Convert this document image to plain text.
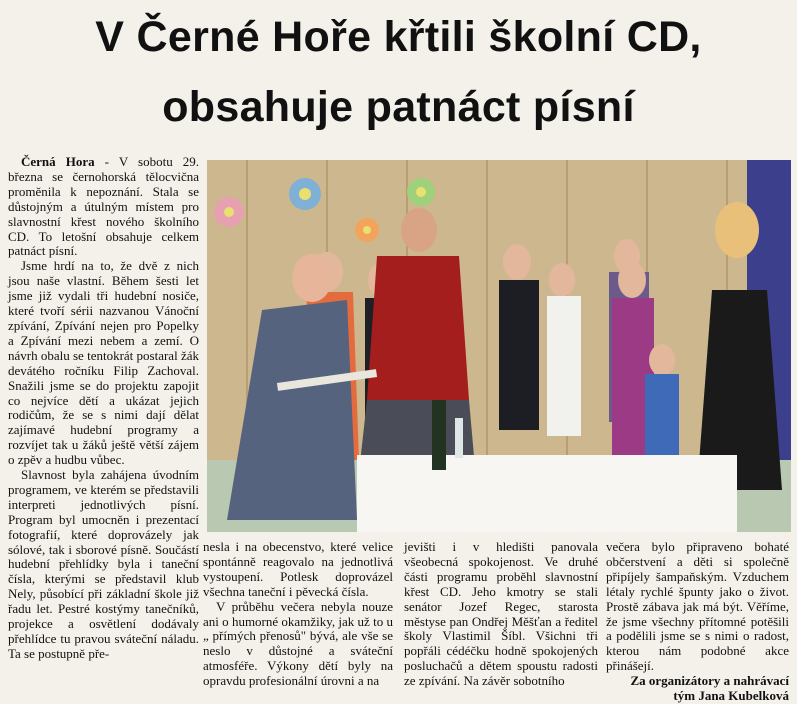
V Černé Hoře křtili školní CD,
obsahuje patnáct písní

Černá Hora - V sobotu 29. března se černohorská tělocvična proměnila k nepoznání. Stala se důstojným a útulným místem pro slavnostní křest nového školního CD. To letošní obsahuje celkem patnáct písní.

Jsme hrdí na to, že dvě z nich jsou naše vlastní. Během šesti let jsme již vydali tři hudební nosiče, které tvoří sérii nazvanou Vánoční zpívání, Zpívání nejen pro Popelky a Zpívání mezi nebem a zemí. O návrh obalu se tentokrát postaral žák devátého ročníku Filip Zachoval. Snažili jsme se do projektu zapojit co nejvíce dětí a ukázat jejich rodičům, že se s nimi dají dělat zajímavé hudební programy a rozvíjet tak u žáků ještě větší zájem o zpěv a hudbu vůbec.

Slavnost byla zahájena úvodním programem, ve kterém se představili interpreti jednotlivých písní. Program byl umocněn i prezentací fotografií, které doprovázely jak sólové, tak i sborové písně. Součástí hudební přehlídky byla i taneční čísla, kterými se představil klub Nely, působící při základní škole již řadu let. Pestré kostýmy tanečníků, projekce a osvětlení dodávaly přehlídce tu pravou sváteční náladu. Ta se postupně pře-

nesla i na obecenstvo, které velice spontánně reagovalo na jednotlivá vystoupení. Potlesk doprovázel všechna taneční i pěvecká čísla.

V průběhu večera nebyla nouze ani o humorné okamžiky, jak už to u „ přímých přenosů" bývá, ale vše se neslo v důstojné a sváteční atmosféře. Výkony dětí byly na opravdu profesionální úrovni a na

jevišti i v hledišti panovala všeobecná spokojenost. Ve druhé části programu proběhl slavnostní křest CD. Jeho kmotry se stali senátor Jozef Regec, starosta městyse pan Ondřej Měšťan a ředitel školy Vlastimil Šíbl. Všichni tři popřáli cédéčku hodně spokojených posluchačů a dětem spoustu radosti ze zpívání. Na závěr sobotního

večera bylo připraveno bohaté občerstvení a děti si společně připíjely šampaňským. Vzduchem létaly rychlé špunty jako o život. Prostě zábava jak má být. Věříme, že jsme všechny přítomné potěšili a podělili jsme se s nimi o radost, kterou nám podobné akce přinášejí.

Za organizátory a nahrávací

tým Jana Kubelková
